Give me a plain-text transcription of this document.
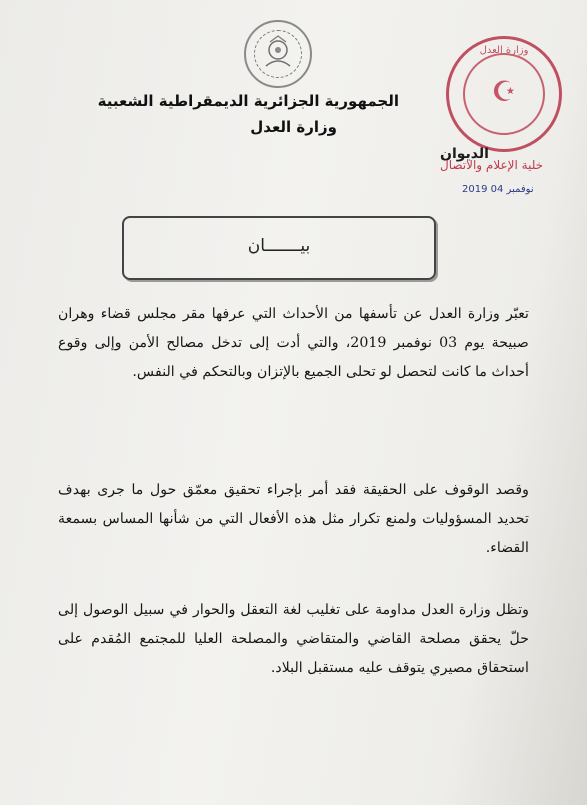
الجمهورية الجزائرية الديمقراطية الشعبية
وزارة العدل
وزارة العدل
☪
الديوان
خلية الإعلام والاتصال
2019 نوفمبر 04
بيـــــــان
تعبّر وزارة العدل عن تأسفها من الأحداث التي عرفها مقر مجلس قضاء وهران صبيحة يوم 03 نوفمبر 2019، والتي أدت إلى تدخل مصالح الأمن وإلى وقوع أحداث ما كانت لتحصل لو تحلى الجميع بالإتزان وبالتحكم في النفس.
وقصد الوقوف على الحقيقة فقد أمر بإجراء تحقيق معمّق حول ما جرى بهدف تحديد المسؤوليات ولمنع تكرار مثل هذه الأفعال التي من شأنها المساس بسمعة القضاء.
وتظل وزارة العدل مداومة على تغليب لغة التعقل والحوار في سبيل الوصول إلى حلّ يحقق مصلحة القاضي والمتقاضي والمصلحة العليا للمجتمع المُقدم على استحقاق مصيري يتوقف عليه مستقبل البلاد.
